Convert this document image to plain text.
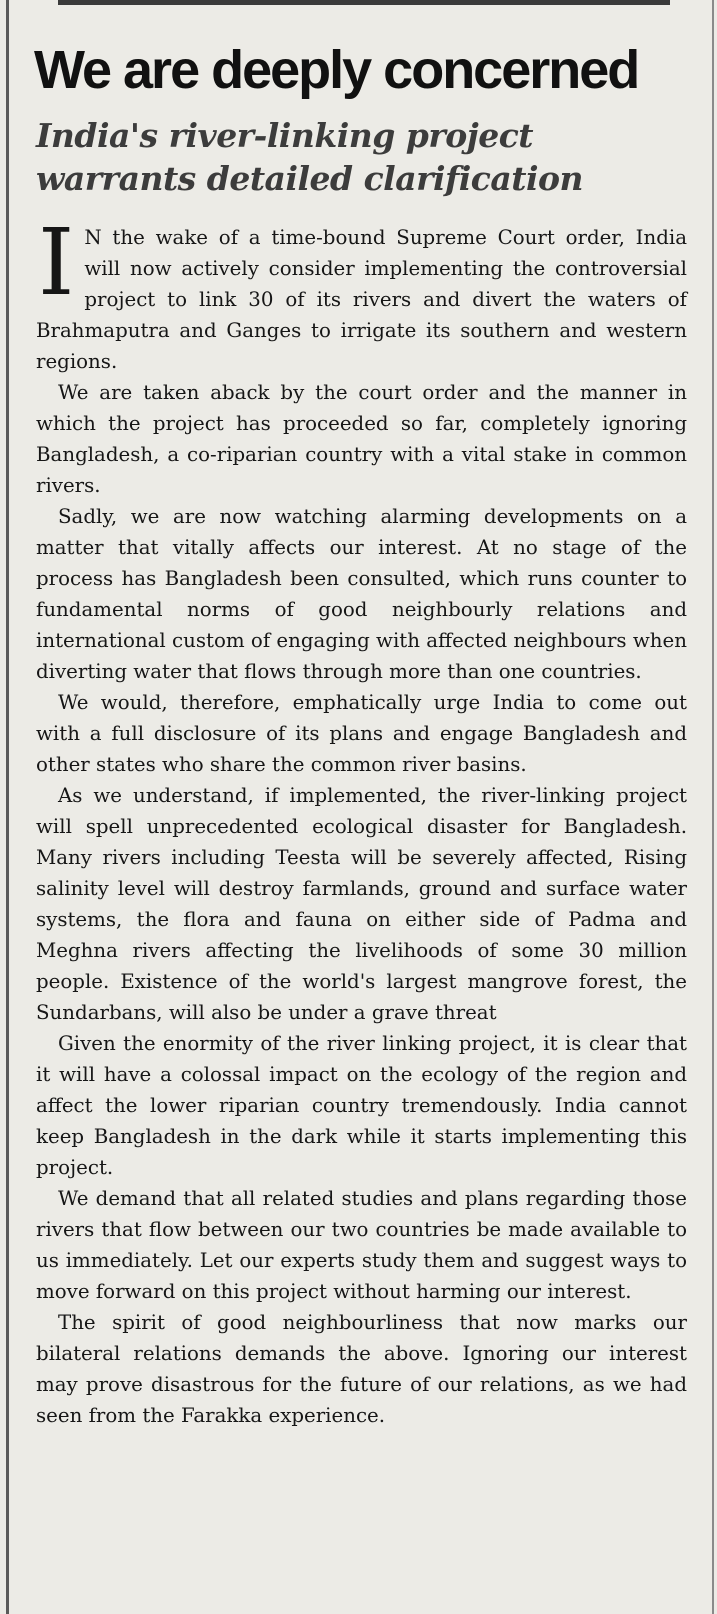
We are deeply concerned
India's river-linking project warrants detailed clarification

I N the wake of a time-bound Supreme Court order, India will now actively consider implementing the controversial project to link 30 of its rivers and divert the waters of Brahmaputra and Ganges to irrigate its southern and western regions.

We are taken aback by the court order and the manner in which the project has proceeded so far, completely ignoring Bangladesh, a co-riparian country with a vital stake in common rivers.

Sadly, we are now watching alarming developments on a matter that vitally affects our interest. At no stage of the process has Bangladesh been consulted, which runs counter to fundamental norms of good neighbourly relations and international custom of engaging with affected neighbours when diverting water that flows through more than one countries.

We would, therefore, emphatically urge India to come out with a full disclosure of its plans and engage Bangladesh and other states who share the common river basins.

As we understand, if implemented, the river-linking project will spell unprecedented ecological disaster for Bangladesh. Many rivers including Teesta will be severely affected, Rising salinity level will destroy farmlands, ground and surface water systems, the flora and fauna on either side of Padma and Meghna rivers affecting the livelihoods of some 30 million people. Existence of the world's largest mangrove forest, the Sundarbans, will also be under a grave threat

Given the enormity of the river linking project, it is clear that it will have a colossal impact on the ecology of the region and affect the lower riparian country tremendously. India cannot keep Bangladesh in the dark while it starts implementing this project.

We demand that all related studies and plans regarding those rivers that flow between our two countries be made available to us immediately. Let our experts study them and suggest ways to move forward on this project without harming our interest.

The spirit of good neighbourliness that now marks our bilateral relations demands the above. Ignoring our interest may prove disastrous for the future of our relations, as we had seen from the Farakka experience.
